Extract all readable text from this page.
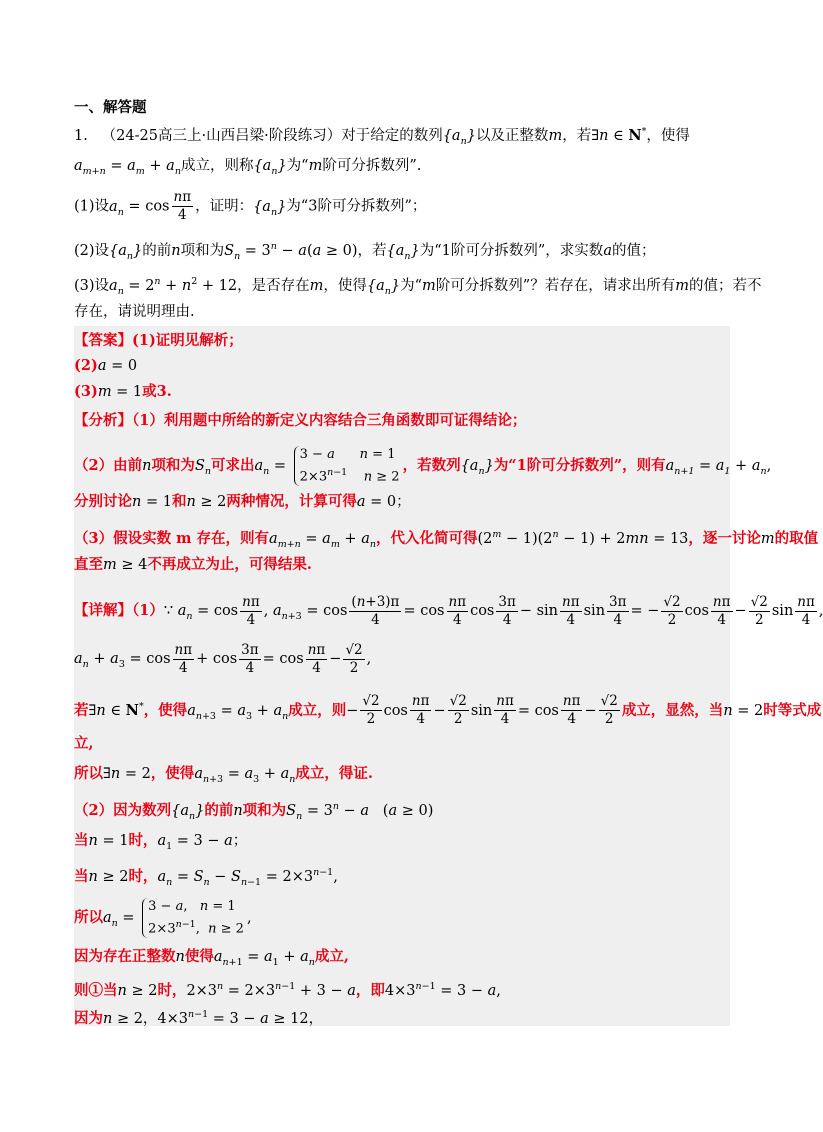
一、解答题
1. （24-25高三上·山西吕梁·阶段练习）对于给定的数列$\{a_n\}$以及正整数m，若∃n ∈ N*，使得
$a_{m+n} = a_m + a_n$成立，则称$\{a_n\}$为“m阶可分拆数列”.
(1)设$a_n = \cos \frac{n\pi}{4}$ ，证明：$\{a_n\}$为“3阶可分拆数列”；
(2)设$\{a_n\}$的前n项和为$S_n = 3^n - a(a \ge 0)$，若$\{a_n\}$为“1阶可分拆数列”，求实数a的值；
(3)设$a_n = 2^n + n^2 + 12$，是否存在m，使得$\{a_n\}$为“m阶可分拆数列”？若存在，请求出所有m的值；若不
存在，请说明理由.
【答案】(1)证明见解析；
(2)a = 0
(3)m = 1或3.
【分析】（1）利用题中所给的新定义内容结合三角函数即可证得结论；
（2）由前n项和为$S_n$可求出$a_n$ =
3 − a n = 1
$2\times 3^{n-1}$ n ≥ 2
，若数列$\{a_n\}$为“1阶可分拆数列”，则有$a_{n+1} = a_1 + a_n$,
分别讨论n = 1和n ≥ 2两种情况，计算可得a = 0；
（3）假设实数 m 存在，则有$a_{m+n} = a_m + a_n$，代入化简可得$(2^m - 1)(2^n - 1) + 2mn = 13$，逐一讨论m的取值
直至m ≥ 4不再成立为止，可得结果.
【详解】（1）∵ $a_n = \cos \frac{n\pi}{4}$ , $a_{n+3} = \cos \frac{(n+3)\pi}{4} = \cos \frac{n\pi}{4}$ $\cos \frac{3\pi}{4} - \sin \frac{n\pi}{4}$ $\sin \frac{3\pi}{4}$ = − $\frac{√2}{2}$ $\cos \frac{n\pi}{4} - \frac{√2}{2}$ $\sin \frac{n\pi}{4}$
$a_n + a_3 = \cos \frac{n\pi}{4} + \cos \frac{3\pi}{4} = \cos \frac{n\pi}{4} - \frac{√2}{2}$ ,
若∃n ∈ N*，使得$a_{n+3} = a_3 + a_n$成立，则− $\frac{√2}{2}$ $\cos \frac{n\pi}{4} - \frac{√2}{2}$ $\sin \frac{n\pi}{4} = \cos \frac{n\pi}{4} - \frac{√2}{2}$ 成立，显然，当n = 2时等式成
立,
所以∃n = 2，使得$a_{n+3} = a_3 + a_n$成立，得证.
（2）因为数列$\{a_n\}$的前n项和为$S_n = 3^n - a$   (a ≥ 0)
当n = 1时，$a_1 = 3 - a$；
当n ≥ 2时，$a_n = S_n - S_{n-1} = 2\times 3^{n-1}$,
所以$a_n$ =
3 − a,   n = 1
$2\times 3^{n-1}$,  n ≥ 2
,
因为存在正整数n使得$a_{n+1} = a_1 + a_n$成立,
则①当n ≥ 2时，$2\times 3^n = 2\times 3^{n-1} + 3 - a$，即$4\times 3^{n-1} = 3 - a$,
因为n ≥ 2，$4\times 3^{n-1} = 3 - a \ge 12$，
